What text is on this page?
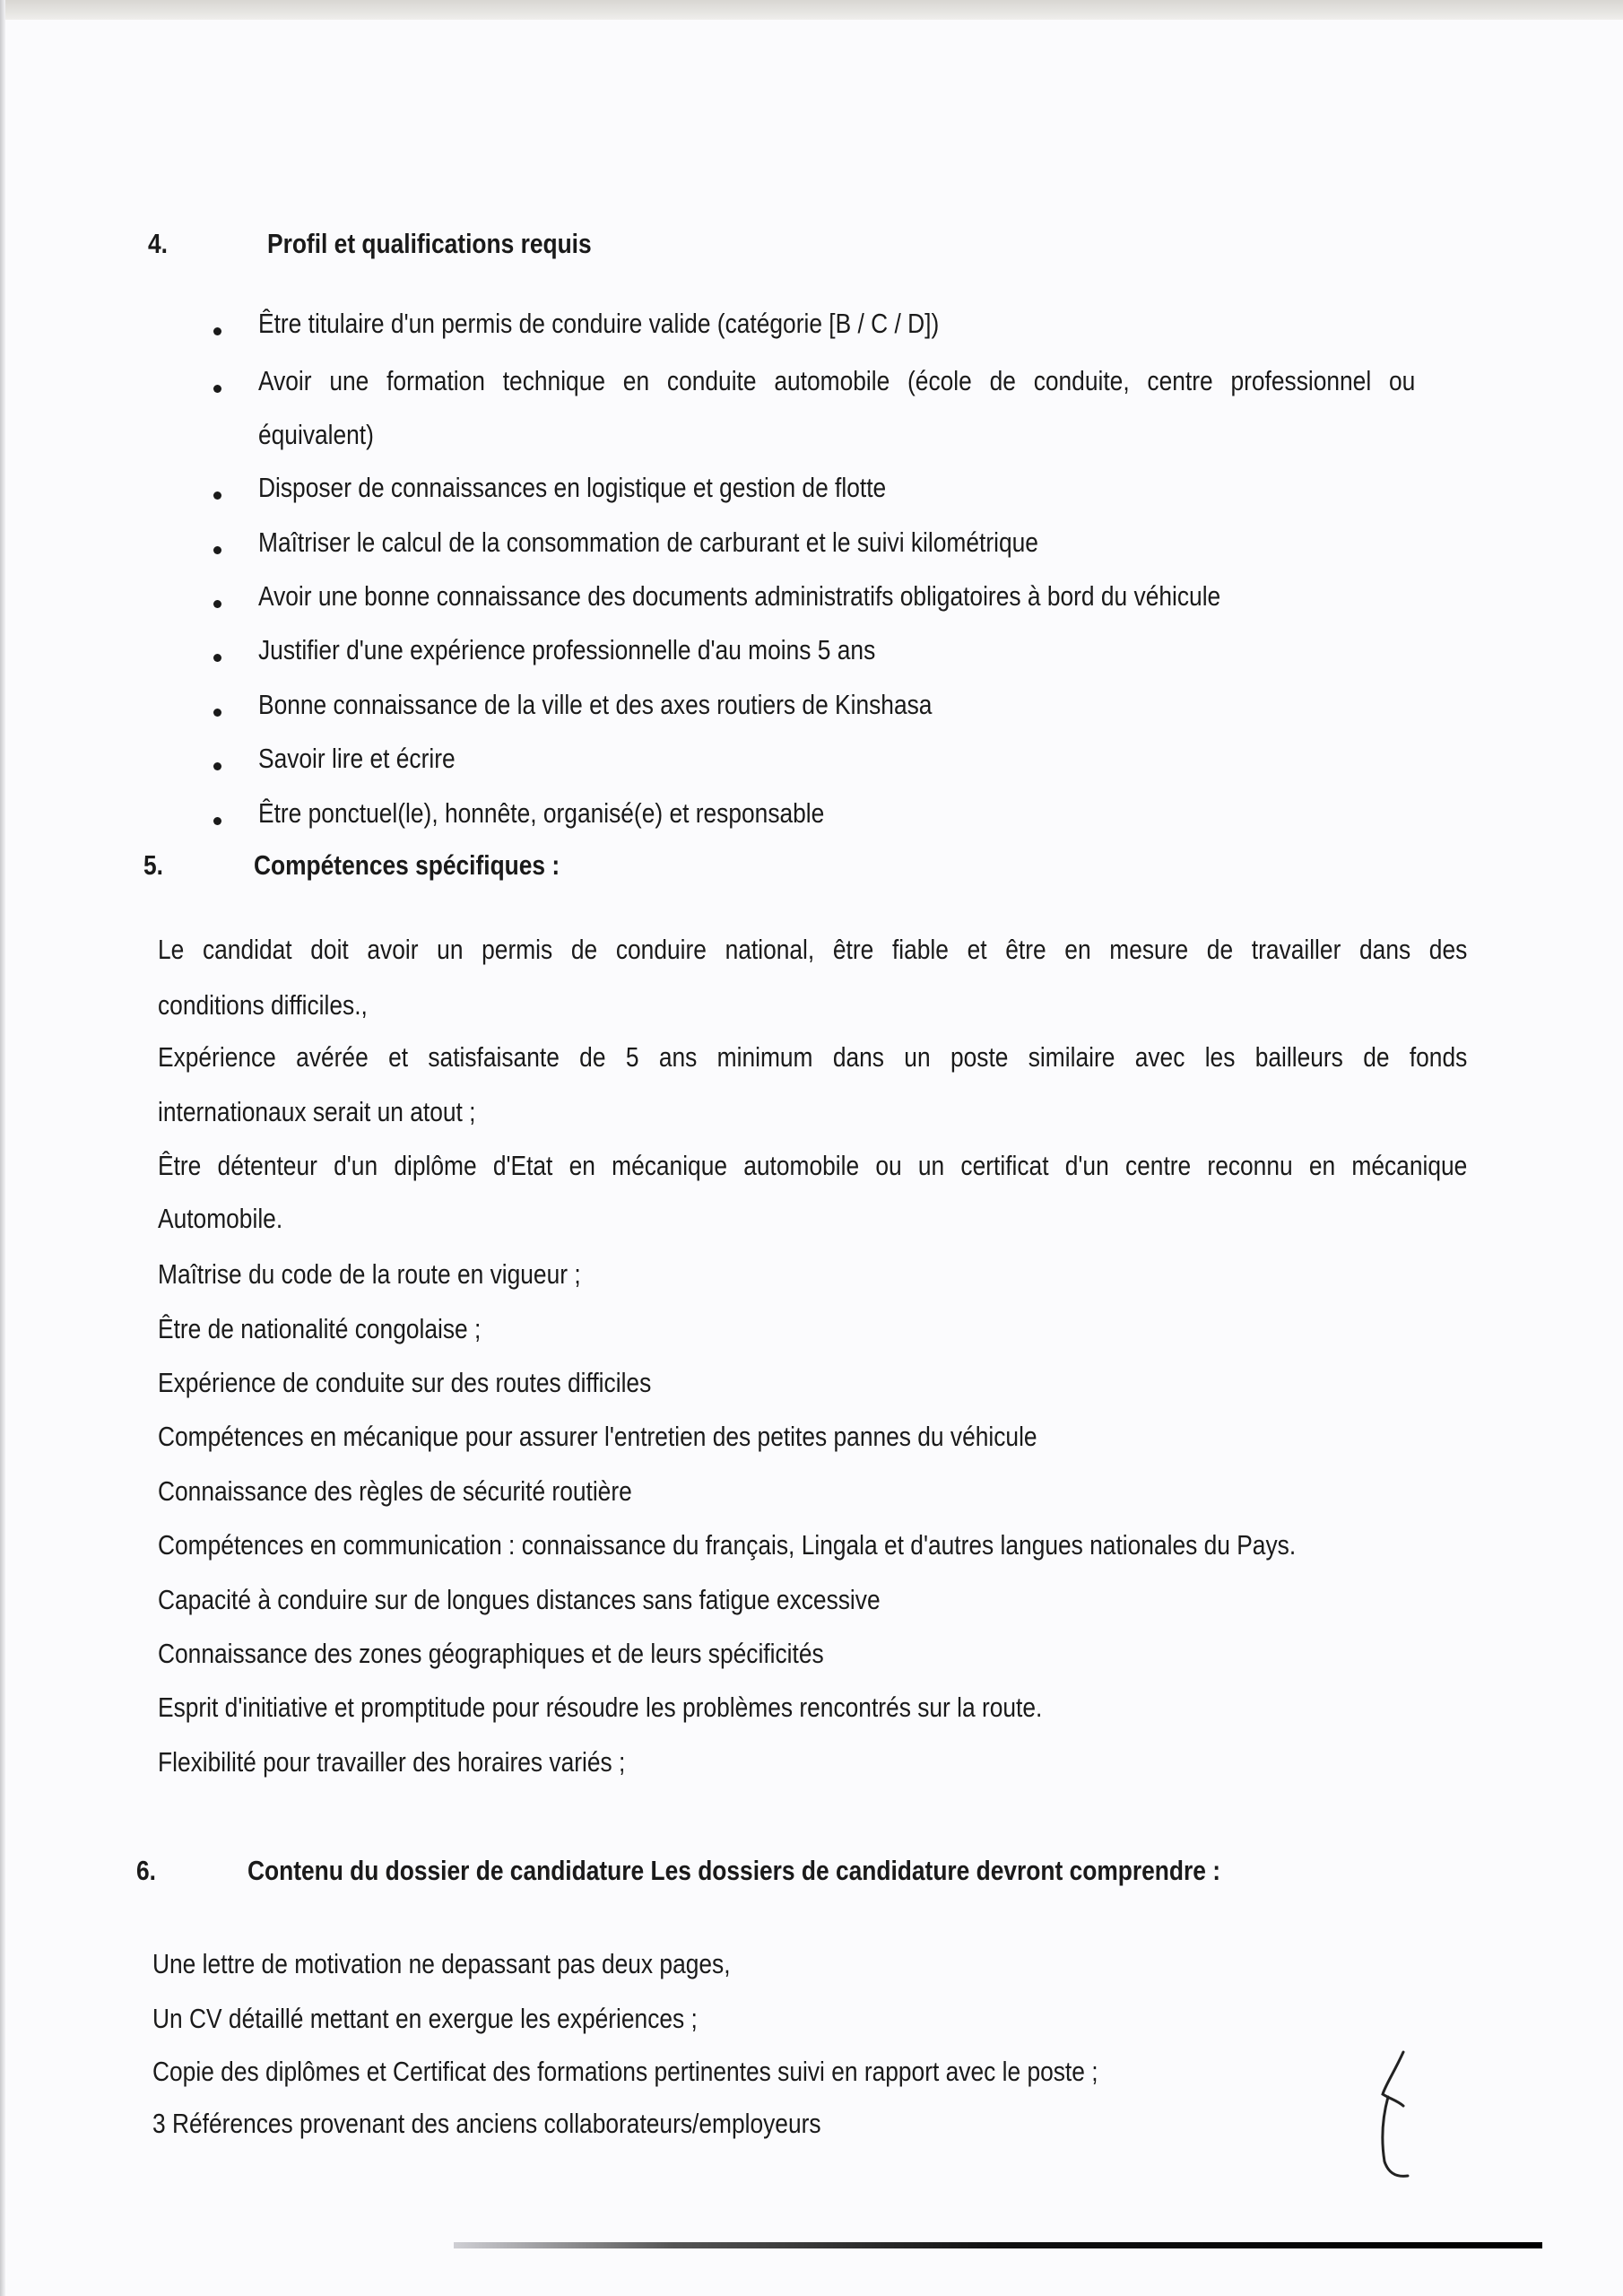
4.	Profil et qualifications requis
Être titulaire d'un permis de conduire valide (catégorie [B / C / D])
Avoir une formation technique en conduite automobile (école de conduite, centre professionnel ou
équivalent)
Disposer de connaissances en logistique et gestion de flotte
Maîtriser le calcul de la consommation de carburant et le suivi kilométrique
Avoir une bonne connaissance des documents administratifs obligatoires à bord du véhicule
Justifier d'une expérience professionnelle d'au moins 5 ans
Bonne connaissance de la ville et des axes routiers de Kinshasa
Savoir lire et écrire
Être ponctuel(le), honnête, organisé(e) et responsable
5.	Compétences spécifiques :
Le candidat doit avoir un permis de conduire national, être fiable et être en mesure de travailler dans des
conditions difficiles.,
Expérience avérée et satisfaisante de 5 ans minimum dans un poste similaire avec les bailleurs de fonds
internationaux serait un atout ;
Être détenteur d'un diplôme d'Etat en mécanique automobile ou un certificat d'un centre reconnu en mécanique
Automobile.
Maîtrise du code de la route en vigueur ;
Être de nationalité congolaise ;
Expérience de conduite sur des routes difficiles
Compétences en mécanique pour assurer l'entretien des petites pannes du véhicule
Connaissance des règles de sécurité routière
Compétences en communication : connaissance du français, Lingala et d'autres langues nationales du Pays.
Capacité à conduire sur de longues distances sans fatigue excessive
Connaissance des zones géographiques et de leurs spécificités
Esprit d'initiative et promptitude pour résoudre les problèmes rencontrés sur la route.
Flexibilité pour travailler des horaires variés ;
6.	Contenu du dossier de candidature Les dossiers de candidature devront comprendre :
Une lettre de motivation ne depassant pas deux pages,
Un CV détaillé mettant en exergue les expériences ;
Copie des diplômes et Certificat des formations pertinentes suivi en rapport avec le poste ;
3 Références provenant des anciens collaborateurs/employeurs
